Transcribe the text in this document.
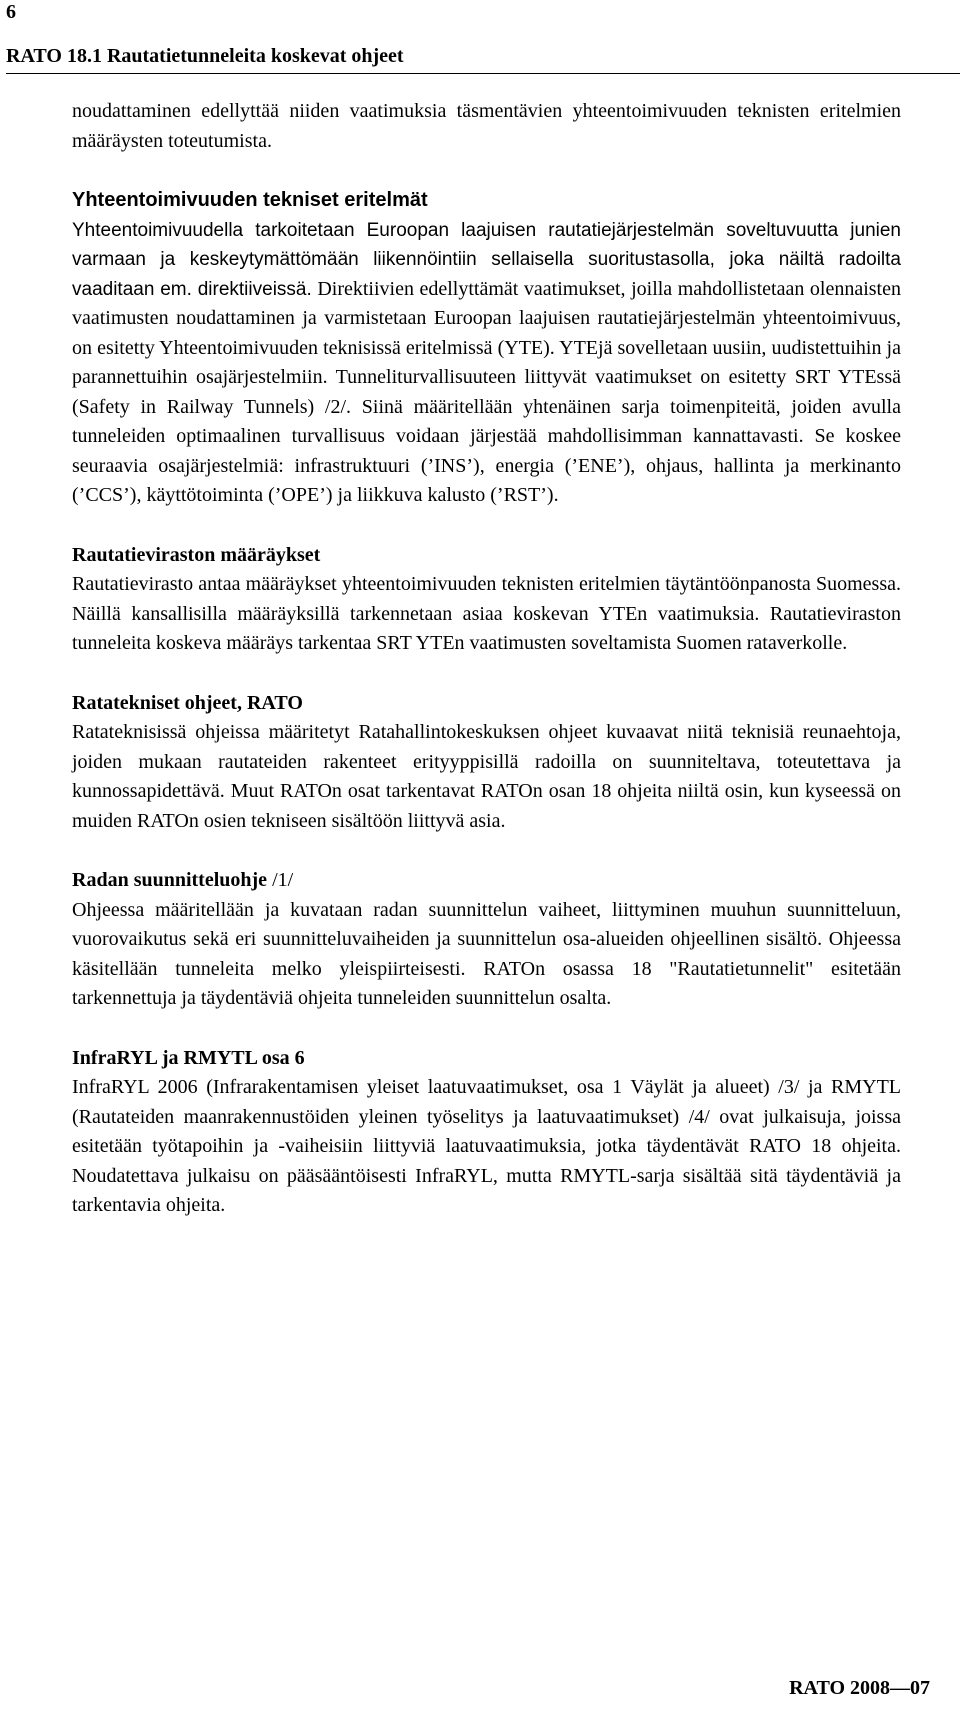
6
RATO 18.1 Rautatietunneleita koskevat ohjeet

noudattaminen edellyttää niiden vaatimuksia täsmentävien yhteentoimivuuden teknisten eritelmien määräysten toteutumista.

Yhteentoimivuuden tekniset eritelmät

Yhteentoimivuudella tarkoitetaan Euroopan laajuisen rautatiejärjestelmän soveltuvuutta junien varmaan ja keskeytymättömään liikennöintiin sellaisella suoritustasolla, joka näiltä radoilta vaaditaan em. direktiiveissä. Direktiivien edellyttämät vaatimukset, joilla mahdollistetaan olennaisten vaatimusten noudattaminen ja varmistetaan Euroopan laajuisen rautatiejärjestelmän yhteentoimivuus, on esitetty Yhteentoimivuuden teknisissä eritelmissä (YTE). YTEjä sovelletaan uusiin, uudistettuihin ja parannettuihin osajärjestelmiin. Tunneliturvallisuuteen liittyvät vaatimukset on esitetty SRT YTEssä (Safety in Railway Tunnels) /2/. Siinä määritellään yhtenäinen sarja toimenpiteitä, joiden avulla tunneleiden optimaalinen turvallisuus voidaan järjestää mahdollisimman kannattavasti. Se koskee seuraavia osajärjestelmiä: infrastruktuuri (’INS’), energia (’ENE’), ohjaus, hallinta ja merkinanto (’CCS’), käyttötoiminta (’OPE’) ja liikkuva kalusto (’RST’).

Rautatieviraston määräykset

Rautatievirasto antaa määräykset yhteentoimivuuden teknisten eritelmien täytäntöönpanosta Suomessa. Näillä kansallisilla määräyksillä tarkennetaan asiaa koskevan YTEn vaatimuksia. Rautatieviraston tunneleita koskeva määräys tarkentaa SRT YTEn vaatimusten soveltamista Suomen rataverkolle.

Ratatekniset ohjeet, RATO

Ratateknisissä ohjeissa määritetyt Ratahallintokeskuksen ohjeet kuvaavat niitä teknisiä reunaehtoja, joiden mukaan rautateiden rakenteet erityyppisillä radoilla on suunniteltava, toteutettava ja kunnossapidettävä. Muut RATOn osat tarkentavat RATOn osan 18 ohjeita niiltä osin, kun kyseessä on muiden RATOn osien tekniseen sisältöön liittyvä asia.

Radan suunnitteluohje /1/

Ohjeessa määritellään ja kuvataan radan suunnittelun vaiheet, liittyminen muuhun suunnitteluun, vuorovaikutus sekä eri suunnitteluvaiheiden ja suunnittelun osa-alueiden ohjeellinen sisältö. Ohjeessa käsitellään tunneleita melko yleispiirteisesti. RATOn osassa 18 "Rautatietunnelit" esitetään tarkennettuja ja täydentäviä ohjeita tunneleiden suunnittelun osalta.

InfraRYL ja RMYTL osa 6

InfraRYL 2006 (Infrarakentamisen yleiset laatuvaatimukset, osa 1 Väylät ja alueet) /3/ ja RMYTL (Rautateiden maanrakennustöiden yleinen työselitys ja laatuvaatimukset) /4/ ovat julkaisuja, joissa esitetään työtapoihin ja -vaiheisiin liittyviä laatuvaatimuksia, jotka täydentävät RATO 18 ohjeita. Noudatettava julkaisu on pääsääntöisesti InfraRYL, mutta RMYTL-sarja sisältää sitä täydentäviä ja tarkentavia ohjeita.

RATO 2008—07
